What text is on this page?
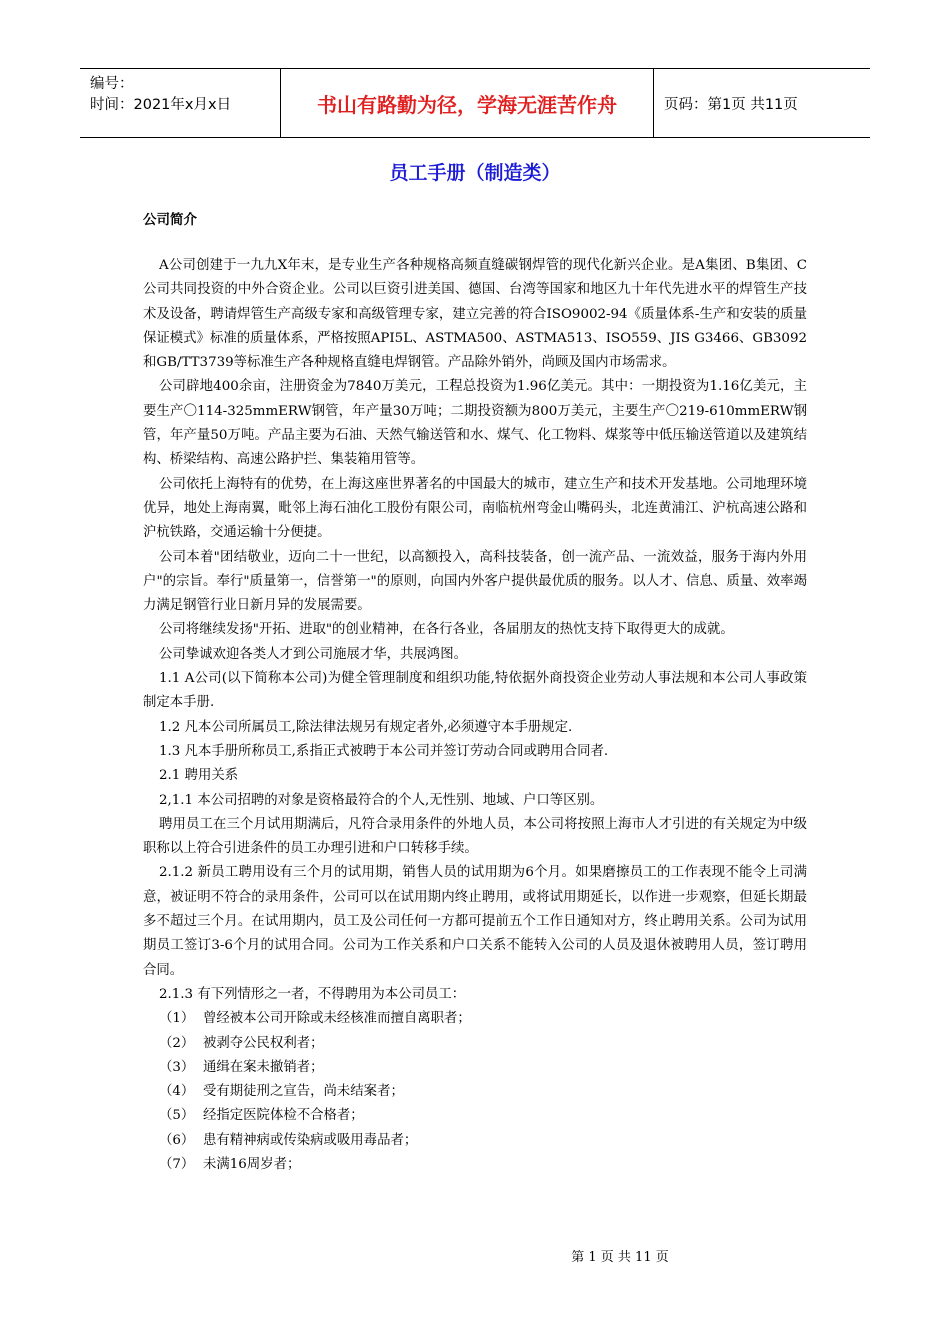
编号：
时间：2021年x月x日	书山有路勤为径，学海无涯苦作舟	页码：第1页 共11页
员工手册（制造类）
公司简介

A公司创建于一九九X年末，是专业生产各种规格高频直缝碳钢焊管的现代化新兴企业。是A集团、B集团、C公司共同投资的中外合资企业。公司以巨资引进美国、德国、台湾等国家和地区九十年代先进水平的焊管生产技术及设备，聘请焊管生产高级专家和高级管理专家，建立完善的符合ISO9002-94《质量体系-生产和安装的质量保证模式》标准的质量体系，严格按照API5L、ASTMA500、ASTMA513、ISO559、JIS G3466、GB3092和GB/TT3739等标准生产各种规格直缝电焊钢管。产品除外销外，尚顾及国内市场需求。

公司辟地400余亩，注册资金为7840万美元，工程总投资为1.96亿美元。其中：一期投资为1.16亿美元，主要生产〇114-325mmERW钢管，年产量30万吨；二期投资额为800万美元，主要生产〇219-610mmERW钢管，年产量50万吨。产品主要为石油、天然气输送管和水、煤气、化工物料、煤浆等中低压输送管道以及建筑结构、桥梁结构、高速公路护拦、集装箱用管等。

公司依托上海特有的优势，在上海这座世界著名的中国最大的城市，建立生产和技术开发基地。公司地理环境优异，地处上海南翼，毗邻上海石油化工股份有限公司，南临杭州弯金山嘴码头，北连黄浦江、沪杭高速公路和沪杭铁路，交通运输十分便捷。

公司本着"团结敬业，迈向二十一世纪，以高额投入，高科技装备，创一流产品、一流效益，服务于海内外用户"的宗旨。奉行"质量第一，信誉第一"的原则，向国内外客户提供最优质的服务。以人才、信息、质量、效率竭力满足钢管行业日新月异的发展需要。

公司将继续发扬"开拓、进取"的创业精神，在各行各业，各届朋友的热忱支持下取得更大的成就。

公司挚诚欢迎各类人才到公司施展才华，共展鸿图。

1.1 A公司(以下简称本公司)为健全管理制度和组织功能,特依据外商投资企业劳动人事法规和本公司人事政策制定本手册.

1.2 凡本公司所属员工,除法律法规另有规定者外,必须遵守本手册规定.

1.3 凡本手册所称员工,系指正式被聘于本公司并签订劳动合同或聘用合同者.

2.1 聘用关系

2,1.1 本公司招聘的对象是资格最符合的个人,无性别、地域、户口等区别。

聘用员工在三个月试用期满后，凡符合录用条件的外地人员，本公司将按照上海市人才引进的有关规定为中级职称以上符合引进条件的员工办理引进和户口转移手续。

2.1.2 新员工聘用设有三个月的试用期，销售人员的试用期为6个月。如果磨擦员工的工作表现不能令上司满意，被证明不符合的录用条件，公司可以在试用期内终止聘用，或将试用期延长，以作进一步观察，但延长期最多不超过三个月。在试用期内，员工及公司任何一方都可提前五个工作日通知对方，终止聘用关系。公司为试用期员工签订3-6个月的试用合同。公司为工作关系和户口关系不能转入公司的人员及退休被聘用人员，签订聘用合同。

2.1.3 有下列情形之一者，不得聘用为本公司员工：

（1） 曾经被本公司开除或未经核准而擅自离职者；

（2） 被剥夺公民权利者；

（3） 通缉在案未撤销者；

（4） 受有期徒刑之宣告，尚未结案者；

（5） 经指定医院体检不合格者；

（6） 患有精神病或传染病或吸用毒品者；

（7） 未满16周岁者；

第 1 页 共 11 页
